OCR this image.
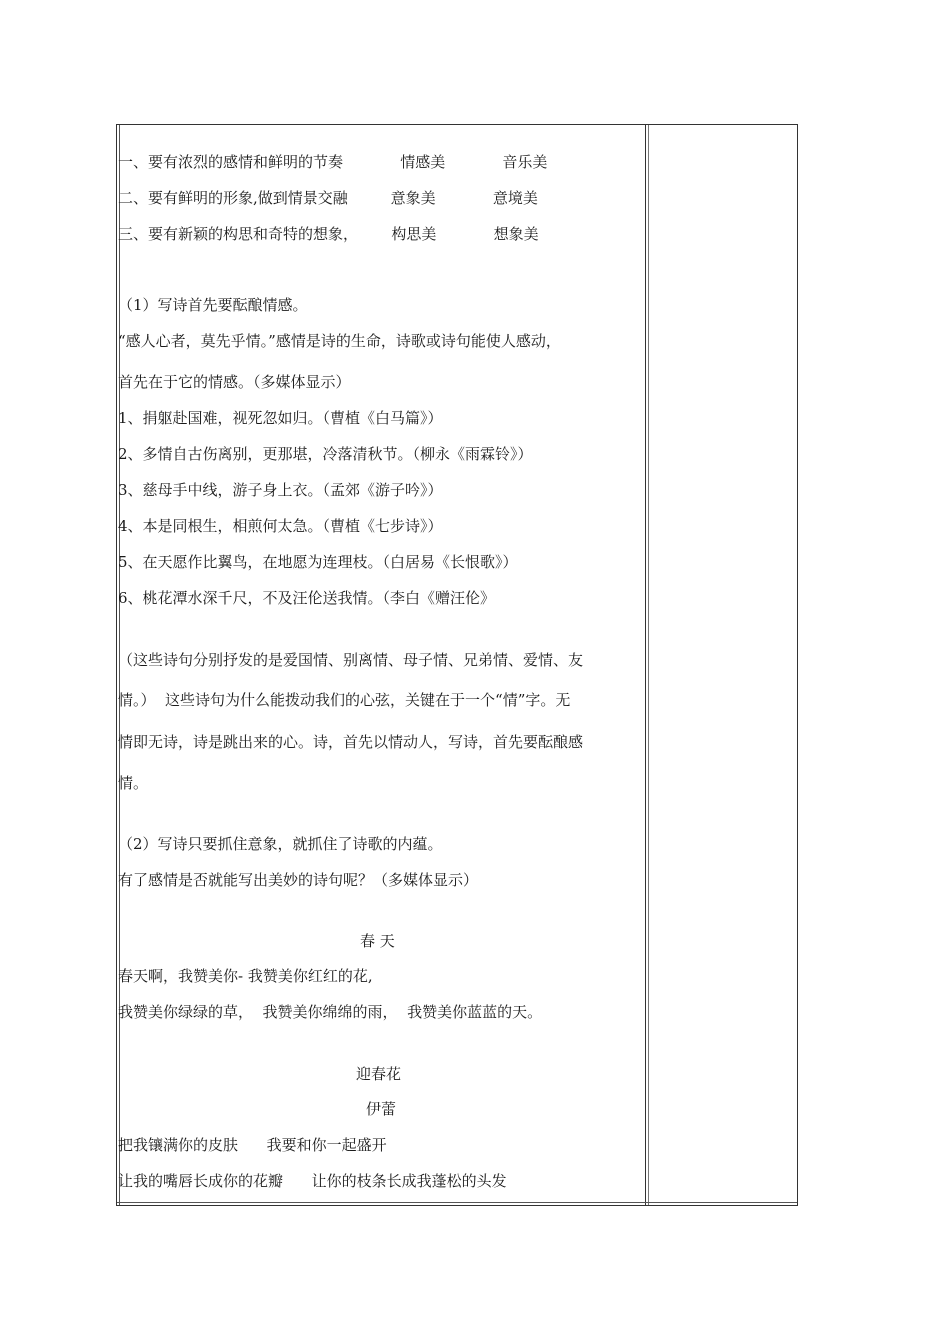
一、要有浓烈的感情和鲜明的节奏            情感美            音乐美
二、要有鲜明的形象,做到情景交融         意象美            意境美
三、要有新颖的构思和奇特的想象，       构思美            想象美
（1）写诗首先要酝酿情感。
“感人心者，莫先乎情。”感情是诗的生命，诗歌或诗句能使人感动，
首先在于它的情感。（多媒体显示）
1、捐躯赴国难，视死忽如归。（曹植《白马篇》）
2、多情自古伤离别，更那堪，冷落清秋节。（柳永《雨霖铃》）
3、慈母手中线，游子身上衣。（孟郊《游子吟》）
4、本是同根生，相煎何太急。（曹植《七步诗》）
5、在天愿作比翼鸟，在地愿为连理枝。（白居易《长恨歌》）
6、桃花潭水深千尺，不及汪伦送我情。（李白《赠汪伦》
（这些诗句分别抒发的是爱国情、别离情、母子情、兄弟情、爱情、友
情。）  这些诗句为什么能拨动我们的心弦，关键在于一个“情”字。无
情即无诗，诗是跳出来的心。诗，首先以情动人，写诗，首先要酝酿感
情。
（2）写诗只要抓住意象，就抓住了诗歌的内蕴。
有了感情是否就能写出美妙的诗句呢？（多媒体显示）
春 天
春天啊，我赞美你- 我赞美你红红的花,
我赞美你绿绿的草，  我赞美你绵绵的雨，  我赞美你蓝蓝的天。
迎春花
伊蕾
把我镶满你的皮肤      我要和你一起盛开
让我的嘴唇长成你的花瓣      让你的枝条长成我蓬松的头发
